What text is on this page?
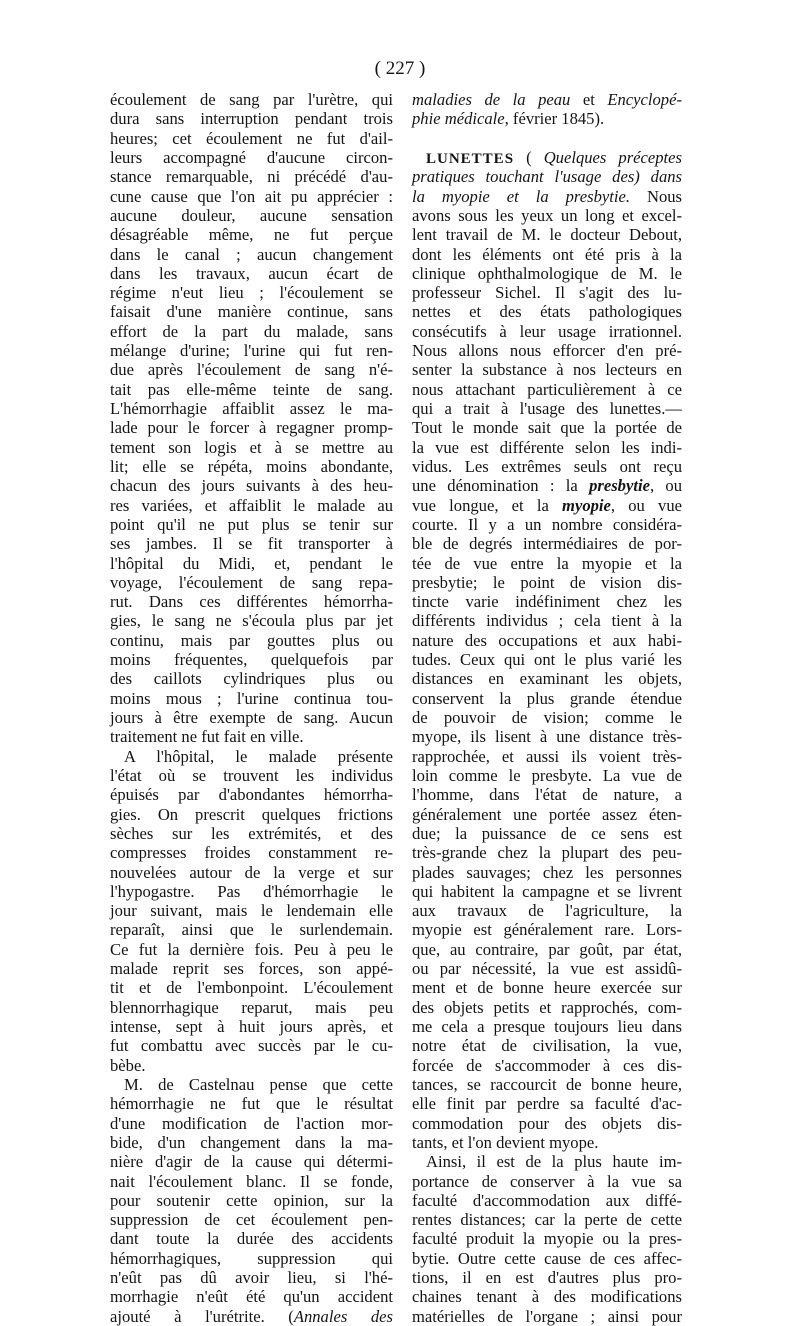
( 227 )
écoulement de sang par l'urètre, qui
dura sans interruption pendant trois
heures; cet écoulement ne fut d'ail-
leurs accompagné d'aucune circon-
stance remarquable, ni précédé d'au-
cune cause que l'on ait pu apprécier :
aucune douleur, aucune sensation
désagréable même, ne fut perçue
dans le canal ; aucun changement
dans les travaux, aucun écart de
régime n'eut lieu ; l'écoulement se
faisait d'une manière continue, sans
effort de la part du malade, sans
mélange d'urine; l'urine qui fut ren-
due après l'écoulement de sang n'é-
tait pas elle-même teinte de sang.
L'hémorrhagie affaiblit assez le ma-
lade pour le forcer à regagner promp-
tement son logis et à se mettre au
lit; elle se répéta, moins abondante,
chacun des jours suivants à des heu-
res variées, et affaiblit le malade au
point qu'il ne put plus se tenir sur
ses jambes. Il se fit transporter à
l'hôpital du Midi, et, pendant le
voyage, l'écoulement de sang repa-
rut. Dans ces différentes hémorrha-
gies, le sang ne s'écoula plus par jet
continu, mais par gouttes plus ou
moins fréquentes, quelquefois par
des caillots cylindriques plus ou
moins mous ; l'urine continua tou-
jours à être exempte de sang. Aucun
traitement ne fut fait en ville.
A l'hôpital, le malade présente
l'état où se trouvent les individus
épuisés par d'abondantes hémorrha-
gies. On prescrit quelques frictions
sèches sur les extrémités, et des
compresses froides constamment re-
nouvelées autour de la verge et sur
l'hypogastre. Pas d'hémorrhagie le
jour suivant, mais le lendemain elle
reparaît, ainsi que le surlendemain.
Ce fut la dernière fois. Peu à peu le
malade reprit ses forces, son appé-
tit et de l'embonpoint. L'écoulement
blennorrhagique reparut, mais peu
intense, sept à huit jours après, et
fut combattu avec succès par le cu-
bèbe.
M. de Castelnau pense que cette
hémorrhagie ne fut que le résultat
d'une modification de l'action mor-
bide, d'un changement dans la ma-
nière d'agir de la cause qui détermi-
nait l'écoulement blanc. Il se fonde,
pour soutenir cette opinion, sur la
suppression de cet écoulement pen-
dant toute la durée des accidents
hémorrhagiques, suppression qui
n'eût pas dû avoir lieu, si l'hé-
morrhagie n'eût été qu'un accident
ajouté à l'urétrite. (Annales des
maladies de la peau et Encyclopé-
phie médicale, février 1845).

LUNETTES ( Quelques préceptes
pratiques touchant l'usage des) dans
la myopie et la presbytie. Nous
avons sous les yeux un long et excel-
lent travail de M. le docteur Debout,
dont les éléments ont été pris à la
clinique ophthalmologique de M. le
professeur Sichel. Il s'agit des lu-
nettes et des états pathologiques
consécutifs à leur usage irrationnel.
Nous allons nous efforcer d'en pré-
senter la substance à nos lecteurs en
nous attachant particulièrement à ce
qui a trait à l'usage des lunettes.—
Tout le monde sait que la portée de
la vue est différente selon les indi-
vidus. Les extrêmes seuls ont reçu
une dénomination : la presbytie, ou
vue longue, et la myopie, ou vue
courte. Il y a un nombre considéra-
ble de degrés intermédiaires de por-
tée de vue entre la myopie et la
presbytie; le point de vision dis-
tincte varie indéfiniment chez les
différents individus ; cela tient à la
nature des occupations et aux habi-
tudes. Ceux qui ont le plus varié les
distances en examinant les objets,
conservent la plus grande étendue
de pouvoir de vision; comme le
myope, ils lisent à une distance très-
rapprochée, et aussi ils voient très-
loin comme le presbyte. La vue de
l'homme, dans l'état de nature, a
généralement une portée assez éten-
due; la puissance de ce sens est
très-grande chez la plupart des peu-
plades sauvages; chez les personnes
qui habitent la campagne et se livrent
aux travaux de l'agriculture, la
myopie est généralement rare. Lors-
que, au contraire, par goût, par état,
ou par nécessité, la vue est assidû-
ment et de bonne heure exercée sur
des objets petits et rapprochés, com-
me cela a presque toujours lieu dans
notre état de civilisation, la vue,
forcée de s'accommoder à ces dis-
tances, se raccourcit de bonne heure,
elle finit par perdre sa faculté d'ac-
commodation pour des objets dis-
tants, et l'on devient myope.
Ainsi, il est de la plus haute im-
portance de conserver à la vue sa
faculté d'accommodation aux diffé-
rentes distances; car la perte de cette
faculté produit la myopie ou la pres-
bytie. Outre cette cause de ces affec-
tions, il en est d'autres plus pro-
chaines tenant à des modifications
matérielles de l'organe ; ainsi pour
